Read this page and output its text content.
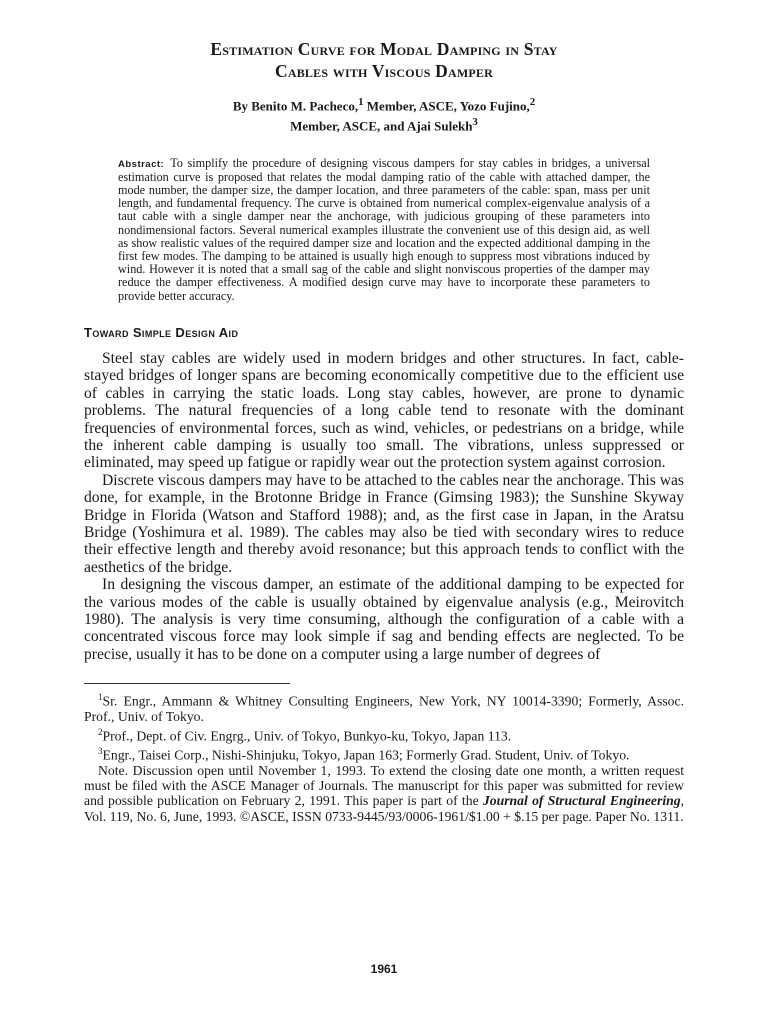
Estimation Curve for Modal Damping in Stay
Cables with Viscous Damper
By Benito M. Pacheco,$^1$ Member, ASCE, Yozo Fujino,$^2$
Member, ASCE, and Ajai Sulekh$^3$
Abstract: To simplify the procedure of designing viscous dampers for stay cables in bridges, a universal estimation curve is proposed that relates the modal damping ratio of the cable with attached damper, the mode number, the damper size, the damper location, and three parameters of the cable: span, mass per unit length, and fundamental frequency. The curve is obtained from numerical complex-eigenvalue analysis of a taut cable with a single damper near the anchorage, with judicious grouping of these parameters into nondimensional factors. Several numerical examples illustrate the convenient use of this design aid, as well as show realistic values of the required damper size and location and the expected additional damping in the first few modes. The damping to be attained is usually high enough to suppress most vibrations induced by wind. However it is noted that a small sag of the cable and slight nonviscous properties of the damper may reduce the damper effectiveness. A modified design curve may have to incorporate these parameters to provide better accuracy.
Toward Simple Design Aid

Steel stay cables are widely used in modern bridges and other structures. In fact, cable-stayed bridges of longer spans are becoming economically competitive due to the efficient use of cables in carrying the static loads. Long stay cables, however, are prone to dynamic problems. The natural frequencies of a long cable tend to resonate with the dominant frequencies of environmental forces, such as wind, vehicles, or pedestrians on a bridge, while the inherent cable damping is usually too small. The vibrations, unless suppressed or eliminated, may speed up fatigue or rapidly wear out the protection system against corrosion.

Discrete viscous dampers may have to be attached to the cables near the anchorage. This was done, for example, in the Brotonne Bridge in France (Gimsing 1983); the Sunshine Skyway Bridge in Florida (Watson and Stafford 1988); and, as the first case in Japan, in the Aratsu Bridge (Yoshimura et al. 1989). The cables may also be tied with secondary wires to reduce their effective length and thereby avoid resonance; but this approach tends to conflict with the aesthetics of the bridge.

In designing the viscous damper, an estimate of the additional damping to be expected for the various modes of the cable is usually obtained by eigenvalue analysis (e.g., Meirovitch 1980). The analysis is very time consuming, although the configuration of a cable with a concentrated viscous force may look simple if sag and bending effects are neglected. To be precise, usually it has to be done on a computer using a large number of degrees of

$^1$Sr. Engr., Ammann & Whitney Consulting Engineers, New York, NY 10014-3390; Formerly, Assoc. Prof., Univ. of Tokyo.

$^2$Prof., Dept. of Civ. Engrg., Univ. of Tokyo, Bunkyo-ku, Tokyo, Japan 113.

$^3$Engr., Taisei Corp., Nishi-Shinjuku, Tokyo, Japan 163; Formerly Grad. Student, Univ. of Tokyo.

Note. Discussion open until November 1, 1993. To extend the closing date one month, a written request must be filed with the ASCE Manager of Journals. The manuscript for this paper was submitted for review and possible publication on February 2, 1991. This paper is part of the Journal of Structural Engineering, Vol. 119, No. 6, June, 1993. ©ASCE, ISSN 0733-9445/93/0006-1961/$1.00 + $.15 per page. Paper No. 1311.

1961
